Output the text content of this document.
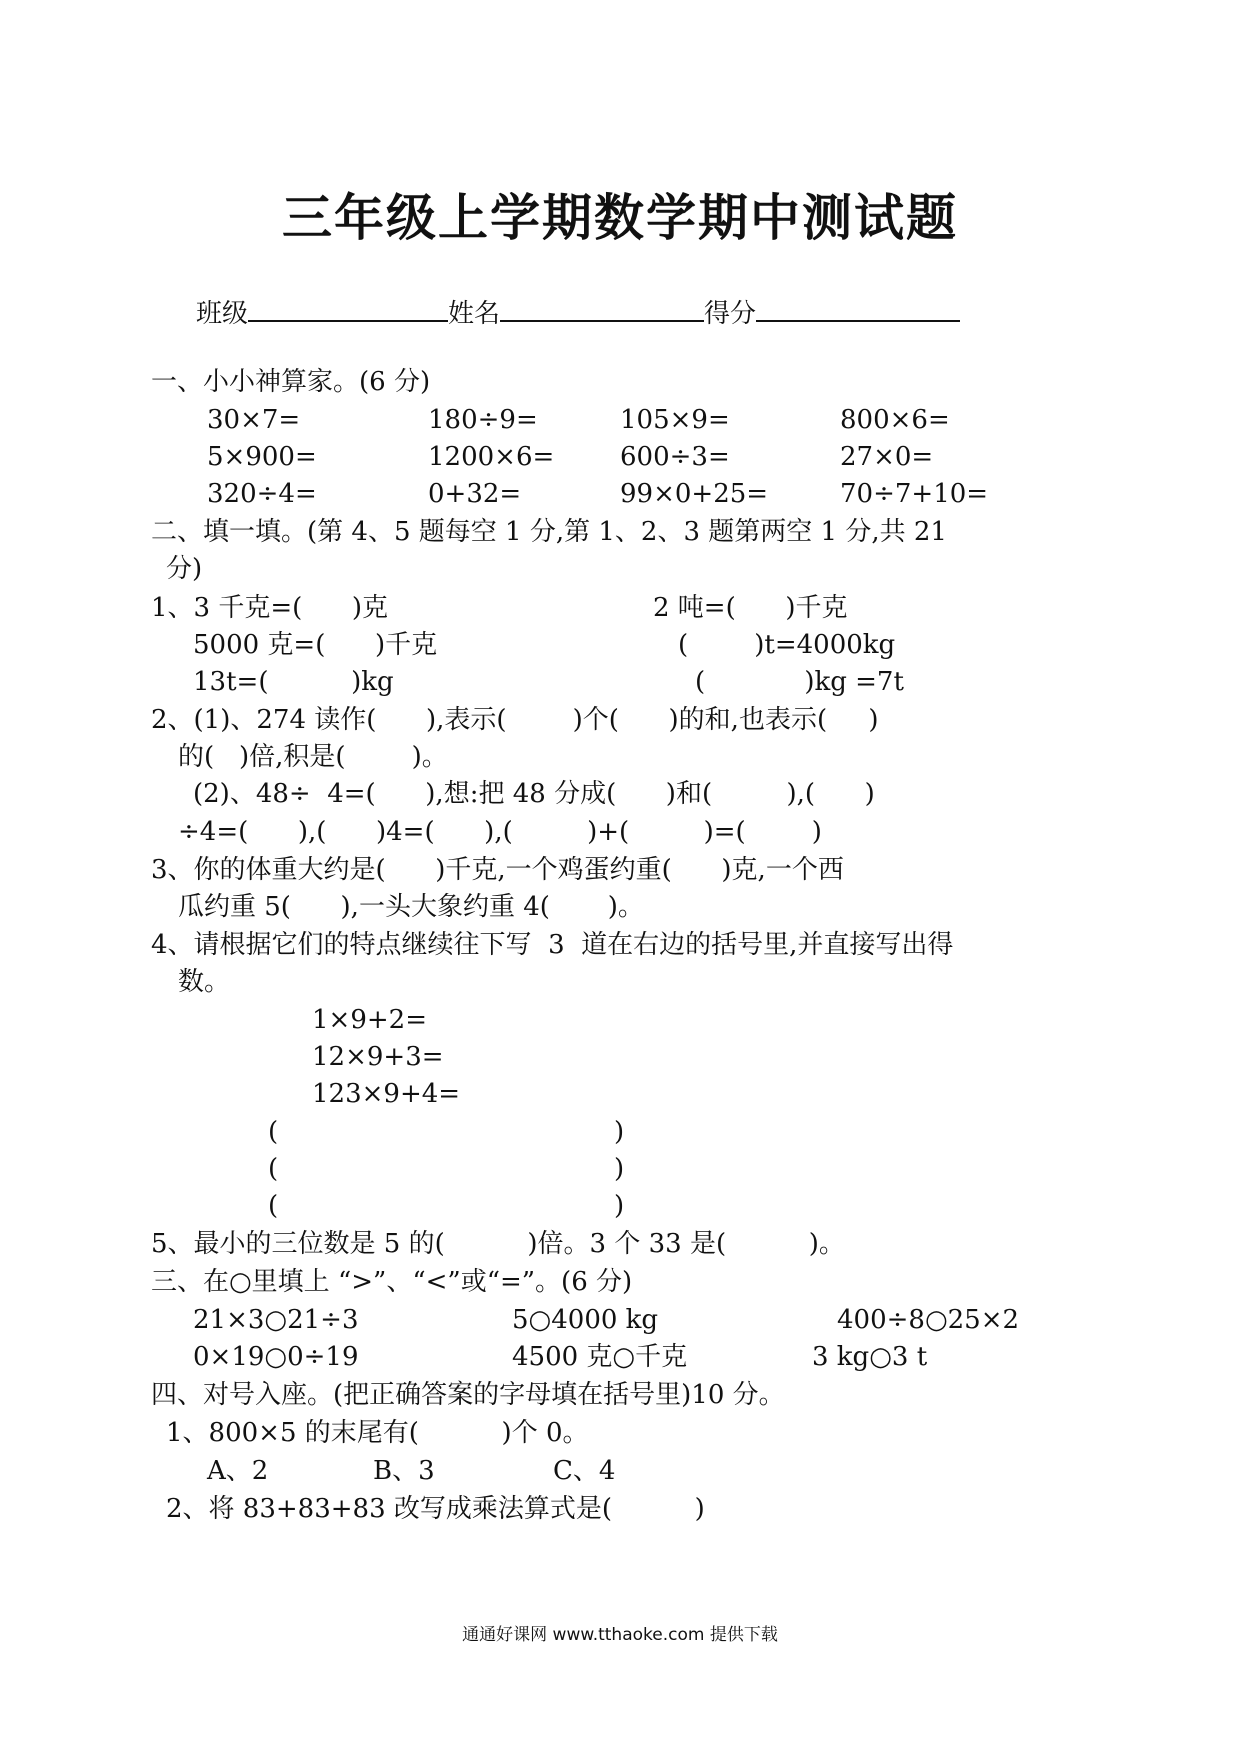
三年级上学期数学期中测试题
班级	姓名	得分
一、小小神算家。(6 分)
30×7=	180÷9=	105×9=	800×6=
5×900=	1200×6=	600÷3=	27×0=
320÷4=	0+32=	99×0+25=	70÷7+10=
二、填一填。(第 4、5 题每空 1 分,第 1、2、3 题第两空 1 分,共 21
分)
1、3 千克=(      )克	2 吨=(      )千克
5000 克=(      )千克	(        )t=4000kg
13t=(          )kg	(            )kg =7t
2、(1)、274 读作(      ),表示(        )个(      )的和,也表示(     )
的(   )倍,积是(        )。
(2)、48÷  4=(      ),想:把 48 分成(      )和(         ),(      )
÷4=(      ),(      )4=(      ),(         )+(         )=(        )
3、你的体重大约是(      )千克,一个鸡蛋约重(      )克,一个西
瓜约重 5(      ),一头大象约重 4(       )。
4、请根据它们的特点继续往下写  3  道在右边的括号里,并直接写出得
数。
1×9+2=
12×9+3=
123×9+4=
(	)
(	)
(	)
5、最小的三位数是 5 的(          )倍。3 个 33 是(          )。
三、在○里填上 “>”、“<”或“=”。(6 分)
21×3○21÷3	5○4000 kg	400÷8○25×2
0×19○0÷19	4500 克○千克	3 kg○3 t
四、对号入座。(把正确答案的字母填在括号里)10 分。
1、800×5 的末尾有(          )个 0。
A、2	B、3	C、4
2、将 83+83+83 改写成乘法算式是(          )
通通好课网 www.tthaoke.com 提供下载
